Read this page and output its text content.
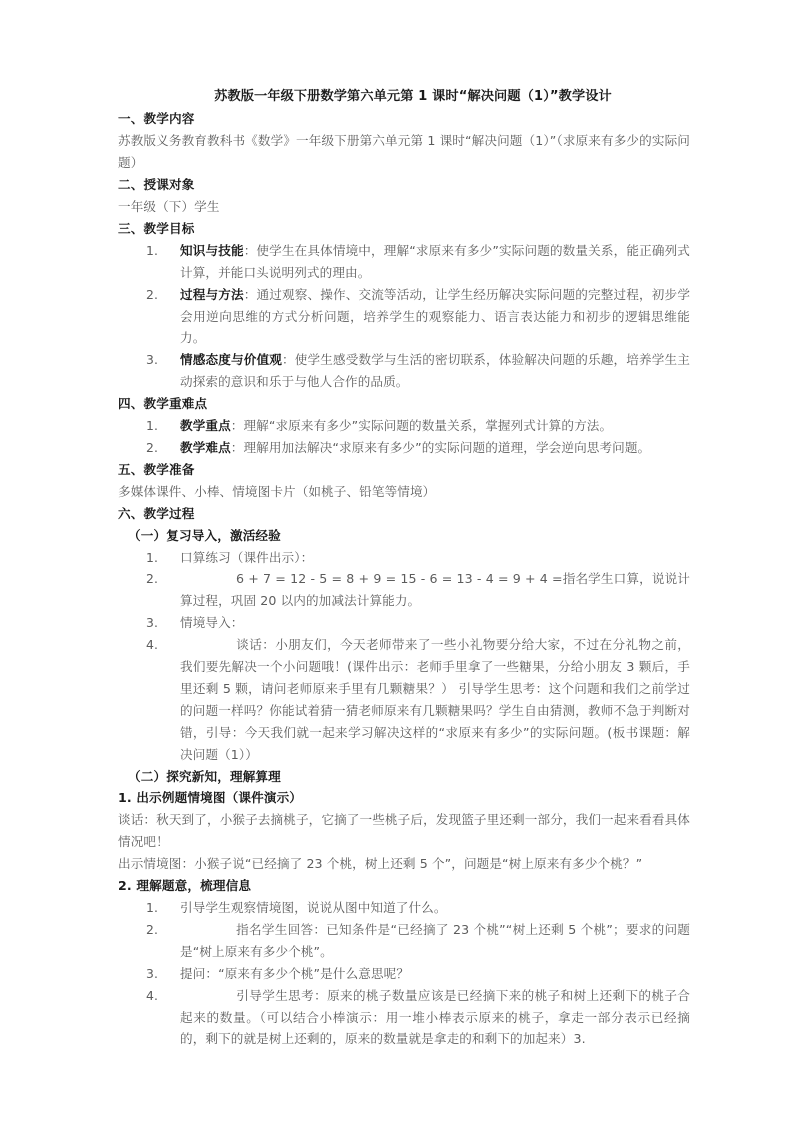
苏教版一年级下册数学第六单元第 1 课时“解决问题（1）”教学设计
一、教学内容
苏教版义务教育教科书《数学》一年级下册第六单元第 1 课时“解决问题（1）”（求原来有多少的实际问题）
二、授课对象
一年级（下）学生
三、教学目标
1. 知识与技能：使学生在具体情境中，理解“求原来有多少”实际问题的数量关系，能正确列式计算，并能口头说明列式的理由。
2. 过程与方法：通过观察、操作、交流等活动，让学生经历解决实际问题的完整过程，初步学会用逆向思维的方式分析问题，培养学生的观察能力、语言表达能力和初步的逻辑思维能力。
3. 情感态度与价值观：使学生感受数学与生活的密切联系，体验解决问题的乐趣，培养学生主动探索的意识和乐于与他人合作的品质。
四、教学重难点
1. 教学重点：理解“求原来有多少”实际问题的数量关系，掌握列式计算的方法。
2. 教学难点：理解用加法解决“求原来有多少”的实际问题的道理，学会逆向思考问题。
五、教学准备
多媒体课件、小棒、情境图卡片（如桃子、铅笔等情境）
六、教学过程
（一）复习导入，激活经验
1. 口算练习（课件出示）：
2.	6 + 7 = 12 - 5 = 8 + 9 = 15 - 6 = 13 - 4 = 9 + 4 =指名学生口算，说说计算过程，巩固 20 以内的加减法计算能力。
3. 情境导入：
4.	谈话：小朋友们，今天老师带来了一些小礼物要分给大家，不过在分礼物之前，我们要先解决一个小问题哦！(课件出示：老师手里拿了一些糖果，分给小朋友 3 颗后，手里还剩 5 颗，请问老师原来手里有几颗糖果？） 引导学生思考：这个问题和我们之前学过的问题一样吗？你能试着猜一猜老师原来有几颗糖果吗？学生自由猜测，教师不急于判断对错，引导：今天我们就一起来学习解决这样的“求原来有多少”的实际问题。(板书课题：解决问题（1））
（二）探究新知，理解算理
1. 出示例题情境图（课件演示）
谈话：秋天到了，小猴子去摘桃子，它摘了一些桃子后，发现篮子里还剩一部分，我们一起来看看具体情况吧！
出示情境图：小猴子说“已经摘了 23 个桃，树上还剩 5 个”，问题是“树上原来有多少个桃？”
2. 理解题意，梳理信息
1. 引导学生观察情境图，说说从图中知道了什么。
2.	指名学生回答：已知条件是“已经摘了 23 个桃”“树上还剩 5 个桃”；要求的问题是“树上原来有多少个桃”。
3. 提问：“原来有多少个桃”是什么意思呢？
4.	引导学生思考：原来的桃子数量应该是已经摘下来的桃子和树上还剩下的桃子合起来的数量。（可以结合小棒演示：用一堆小棒表示原来的桃子，拿走一部分表示已经摘的，剩下的就是树上还剩的，原来的数量就是拿走的和剩下的加起来）3.
